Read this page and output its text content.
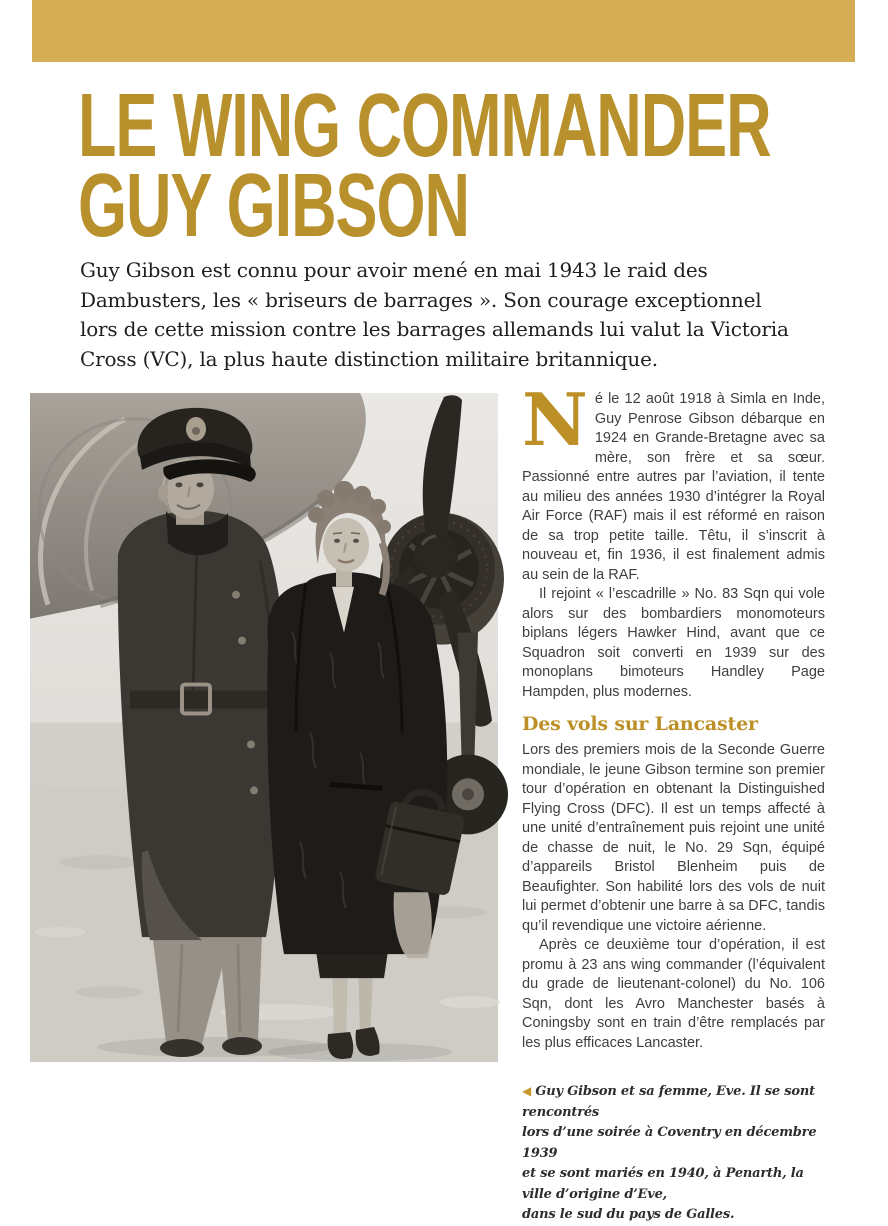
LE WING COMMANDER
GUY GIBSON

Guy Gibson est connu pour avoir mené en mai 1943 le raid des Dambusters, les « briseurs de barrages ». Son courage exceptionnel lors de cette mission contre les barrages allemands lui valut la Victoria Cross (VC), la plus haute distinction militaire britannique.

Né le 12 août 1918 à Simla en Inde, Guy Penrose Gibson débarque en 1924 en Grande-Bretagne avec sa mère, son frère et sa sœur. Passionné entre autres par l’aviation, il tente au milieu des années 1930 d’intégrer la Royal Air Force (RAF) mais il est réformé en raison de sa trop petite taille. Têtu, il s’inscrit à nouveau et, fin 1936, il est finalement admis au sein de la RAF.

Il rejoint « l’escadrille » No. 83 Sqn qui vole alors sur des bombardiers monomoteurs biplans légers Hawker Hind, avant que ce Squadron soit converti en 1939 sur des monoplans bimoteurs Handley Page Hampden, plus modernes.

Des vols sur Lancaster

Lors des premiers mois de la Seconde Guerre mondiale, le jeune Gibson termine son premier tour d’opération en obtenant la Distinguished Flying Cross (DFC). Il est un temps affecté à une unité d’entraînement puis rejoint une unité de chasse de nuit, le No. 29 Sqn, équipé d’appareils Bristol Blenheim puis de Beaufighter. Son habilité lors des vols de nuit lui permet d’obtenir une barre à sa DFC, tandis qu’il revendique une victoire aérienne.

Après ce deuxième tour d’opération, il est promu à 23 ans wing commander (l’équivalent du grade de lieutenant-colonel) du No. 106 Sqn, dont les Avro Manchester basés à Coningsby sont en train d’être remplacés par les plus efficaces Lancaster.

◀ Guy Gibson et sa femme, Eve. Il se sont rencontrés
lors d’une soirée à Coventry en décembre 1939
et se sont mariés en 1940, à Penarth, la ville d’origine d’Eve,
dans le sud du pays de Galles.
